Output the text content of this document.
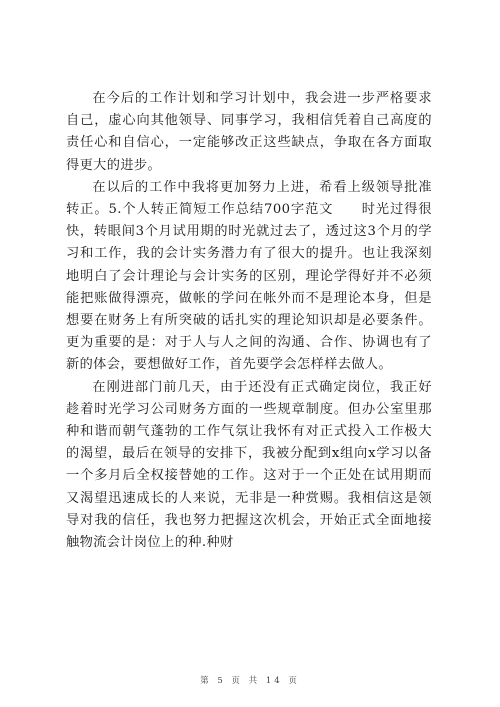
在今后的工作计划和学习计划中，我会进一步严格要求自己，虚心向其他领导、同事学习，我相信凭着自己高度的责任心和自信心，一定能够改正这些缺点，争取在各方面取得更大的进步。

在以后的工作中我将更加努力上进，希看上级领导批准转正。5.个人转正简短工作总结700字范文　　时光过得很快，转眼间3个月试用期的时光就过去了，透过这3个月的学习和工作，我的会计实务潜力有了很大的提升。也让我深刻地明白了会计理论与会计实务的区别，理论学得好并不必须能把账做得漂亮，做帐的学问在帐外而不是理论本身，但是想要在财务上有所突破的话扎实的理论知识却是必要条件。更为重要的是：对于人与人之间的沟通、合作、协调也有了新的体会，要想做好工作，首先要学会怎样样去做人。

在刚进部门前几天，由于还没有正式确定岗位，我正好趁着时光学习公司财务方面的一些规章制度。但办公室里那种和谐而朝气蓬勃的工作气氛让我怀有对正式投入工作极大的渴望，最后在领导的安排下，我被分配到x组向x学习以备一个多月后全权接替她的工作。这对于一个正处在试用期而又渴望迅速成长的人来说，无非是一种赏赐。我相信这是领导对我的信任，我也努力把握这次机会，开始正式全面地接触物流会计岗位上的种.种财

第 5 页 共 14 页
